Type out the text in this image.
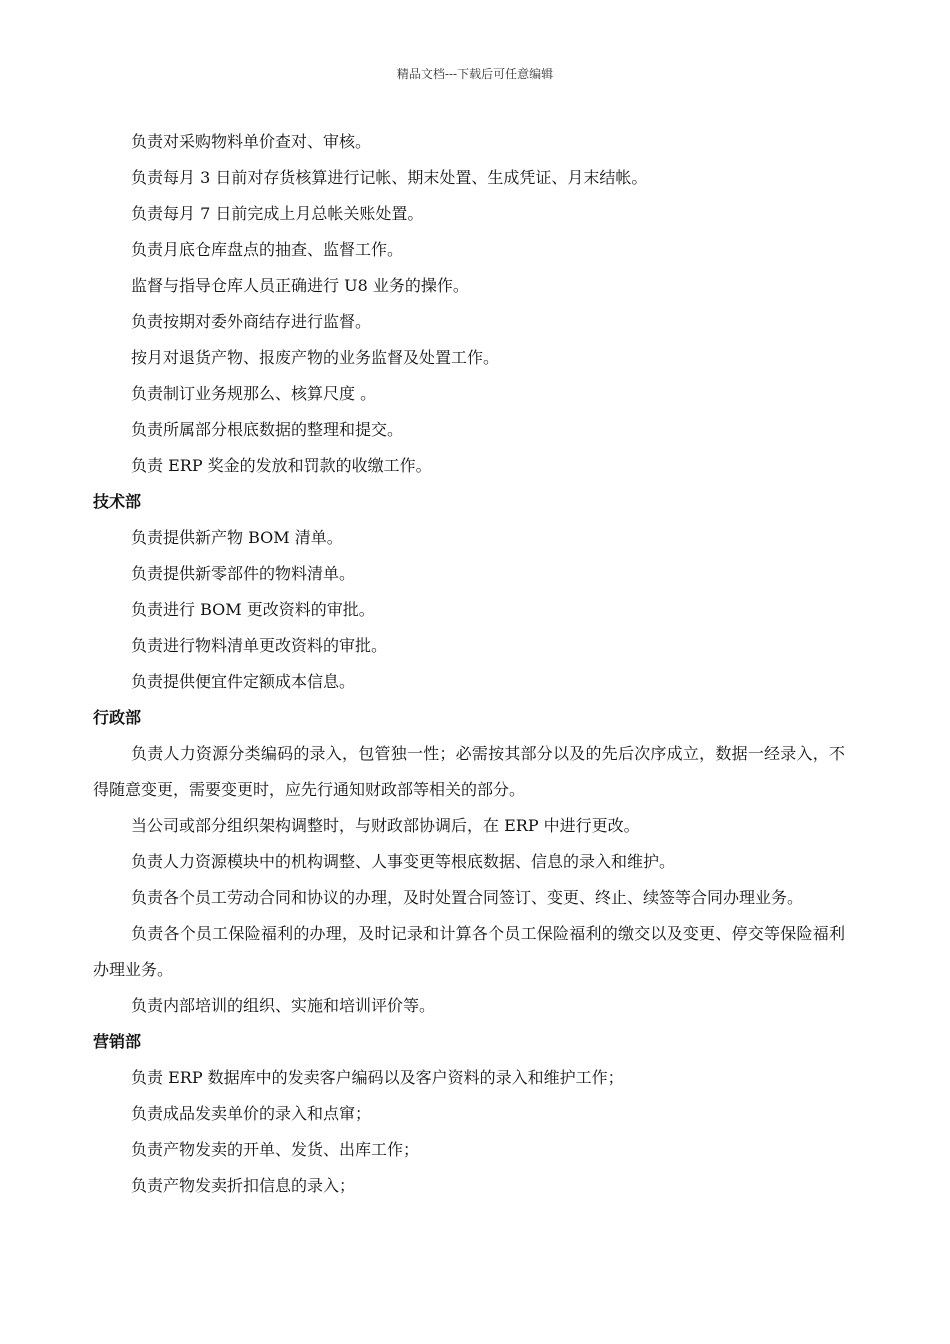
精品文档---下载后可任意编辑

负责对采购物料单价查对、审核。

负责每月 3 日前对存货核算进行记帐、期末处置、生成凭证、月末结帐。

负责每月 7 日前完成上月总帐关账处置。

负责月底仓库盘点的抽查、监督工作。

监督与指导仓库人员正确进行 U8 业务的操作。

负责按期对委外商结存进行监督。

按月对退货产物、报废产物的业务监督及处置工作。

负责制订业务规那么、核算尺度 。

负责所属部分根底数据的整理和提交。

负责 ERP 奖金的发放和罚款的收缴工作。

技术部

负责提供新产物 BOM 清单。

负责提供新零部件的物料清单。

负责进行 BOM 更改资料的审批。

负责进行物料清单更改资料的审批。

负责提供便宜件定额成本信息。

行政部

负责人力资源分类编码的录入，包管独一性；必需按其部分以及的先后次序成立，数据一经录入，不得随意变更，需要变更时，应先行通知财政部等相关的部分。

当公司或部分组织架构调整时，与财政部协调后，在 ERP 中进行更改。

负责人力资源模块中的机构调整、人事变更等根底数据、信息的录入和维护。

负责各个员工劳动合同和协议的办理，及时处置合同签订、变更、终止、续签等合同办理业务。

负责各个员工保险福利的办理，及时记录和计算各个员工保险福利的缴交以及变更、停交等保险福利办理业务。

负责内部培训的组织、实施和培训评价等。

营销部

负责 ERP 数据库中的发卖客户编码以及客户资料的录入和维护工作；

负责成品发卖单价的录入和点窜；

负责产物发卖的开单、发货、出库工作；

负责产物发卖折扣信息的录入；
